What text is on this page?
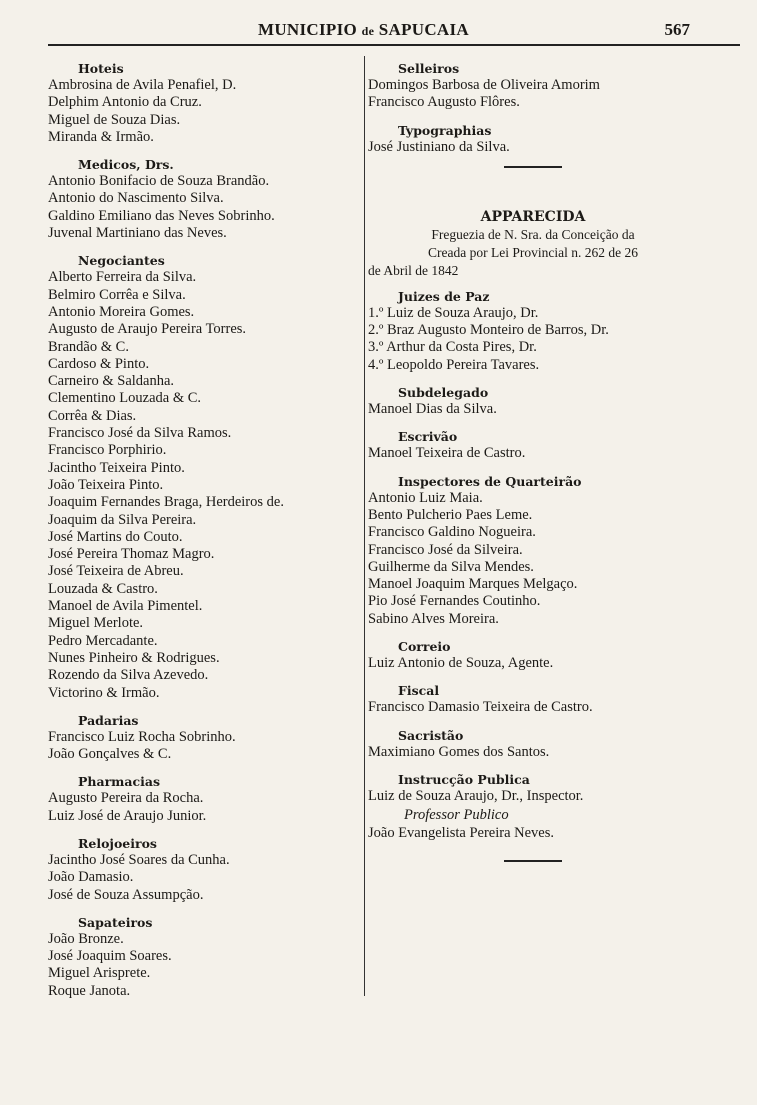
MUNICIPIO de SAPUCAIA	567
Hoteis
Ambrosina de Avila Penafiel, D.
Delphim Antonio da Cruz.
Miguel de Souza Dias.
Miranda & Irmão.
Medicos, Drs.
Antonio Bonifacio de Souza Brandão.
Antonio do Nascimento Silva.
Galdino Emiliano das Neves Sobrinho.
Juvenal Martiniano das Neves.
Negociantes
Alberto Ferreira da Silva.
Belmiro Corrêa e Silva.
Antonio Moreira Gomes.
Augusto de Araujo Pereira Torres.
Brandão & C.
Cardoso & Pinto.
Carneiro & Saldanha.
Clementino Louzada & C.
Corrêa & Dias.
Francisco José da Silva Ramos.
Francisco Porphirio.
Jacintho Teixeira Pinto.
João Teixeira Pinto.
Joaquim Fernandes Braga, Herdeiros de.
Joaquim da Silva Pereira.
José Martins do Couto.
José Pereira Thomaz Magro.
José Teixeira de Abreu.
Louzada & Castro.
Manoel de Avila Pimentel.
Miguel Merlote.
Pedro Mercadante.
Nunes Pinheiro & Rodrigues.
Rozendo da Silva Azevedo.
Victorino & Irmão.
Padarias
Francisco Luiz Rocha Sobrinho.
João Gonçalves & C.
Pharmacias
Augusto Pereira da Rocha.
Luiz José de Araujo Junior.
Relojoeiros
Jacintho José Soares da Cunha.
João Damasio.
José de Souza Assumpção.
Sapateiros
João Bronze.
José Joaquim Soares.
Miguel Arisprete.
Roque Janota.
Selleiros
Domingos Barbosa de Oliveira Amorim
Francisco Augusto Flôres.
Typographias
José Justiniano da Silva.
APPARECIDA
Freguezia de N. Sra. da Conceição da
Creada por Lei Provincial n. 262 de 26
de Abril de 1842
Juizes de Paz
1.º Luiz de Souza Araujo, Dr.
2.º Braz Augusto Monteiro de Barros, Dr.
3.º Arthur da Costa Pires, Dr.
4.º Leopoldo Pereira Tavares.
Subdelegado
Manoel Dias da Silva.
Escrivão
Manoel Teixeira de Castro.
Inspectores de Quarteirão
Antonio Luiz Maia.
Bento Pulcherio Paes Leme.
Francisco Galdino Nogueira.
Francisco José da Silveira.
Guilherme da Silva Mendes.
Manoel Joaquim Marques Melgaço.
Pio José Fernandes Coutinho.
Sabino Alves Moreira.
Correio
Luiz Antonio de Souza, Agente.
Fiscal
Francisco Damasio Teixeira de Castro.
Sacristão
Maximiano Gomes dos Santos.
Instrucção Publica
Luiz de Souza Araujo, Dr., Inspector.
Professor Publico
João Evangelista Pereira Neves.
